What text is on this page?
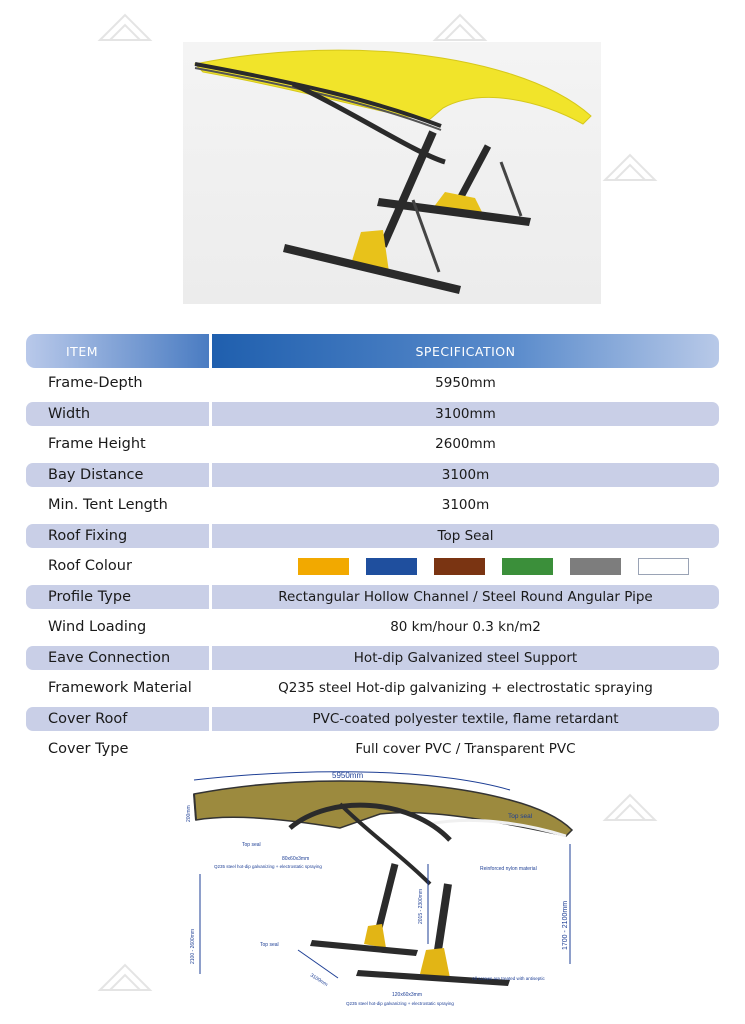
ITEM	SPECIFICATION
Frame-Depth	5950mm
Width	3100mm
Frame Height	2600mm
Bay Distance	3100m
Min. Tent Length	3100m
Roof Fixing	Top Seal
Roof Colour
Profile Type	Rectangular Hollow Channel / Steel Round Angular Pipe
Wind Loading	80 km/hour 0.3 kn/m2
Eave Connection	Hot-dip Galvanized steel Support
Framework Material	Q235 steel Hot-dip galvanizing + electrostatic spraying
Cover Roof	PVC-coated polyester textile, flame retardant
Cover Type	Full cover PVC / Transparent PVC
5950mm
Top seal
Top seal
Top seal
200mm
80x60x3mm
Q235 steel hot-dip galvanizing + electrostatic spraying	Reinforced nylon material
2100 - 2600mm
2015 - 2300mm	1700 - 2100mm
3100mm
120x60x3mm
All screws are treated with antiseptic
Q235 steel hot-dip galvanizing + electrostatic spraying
